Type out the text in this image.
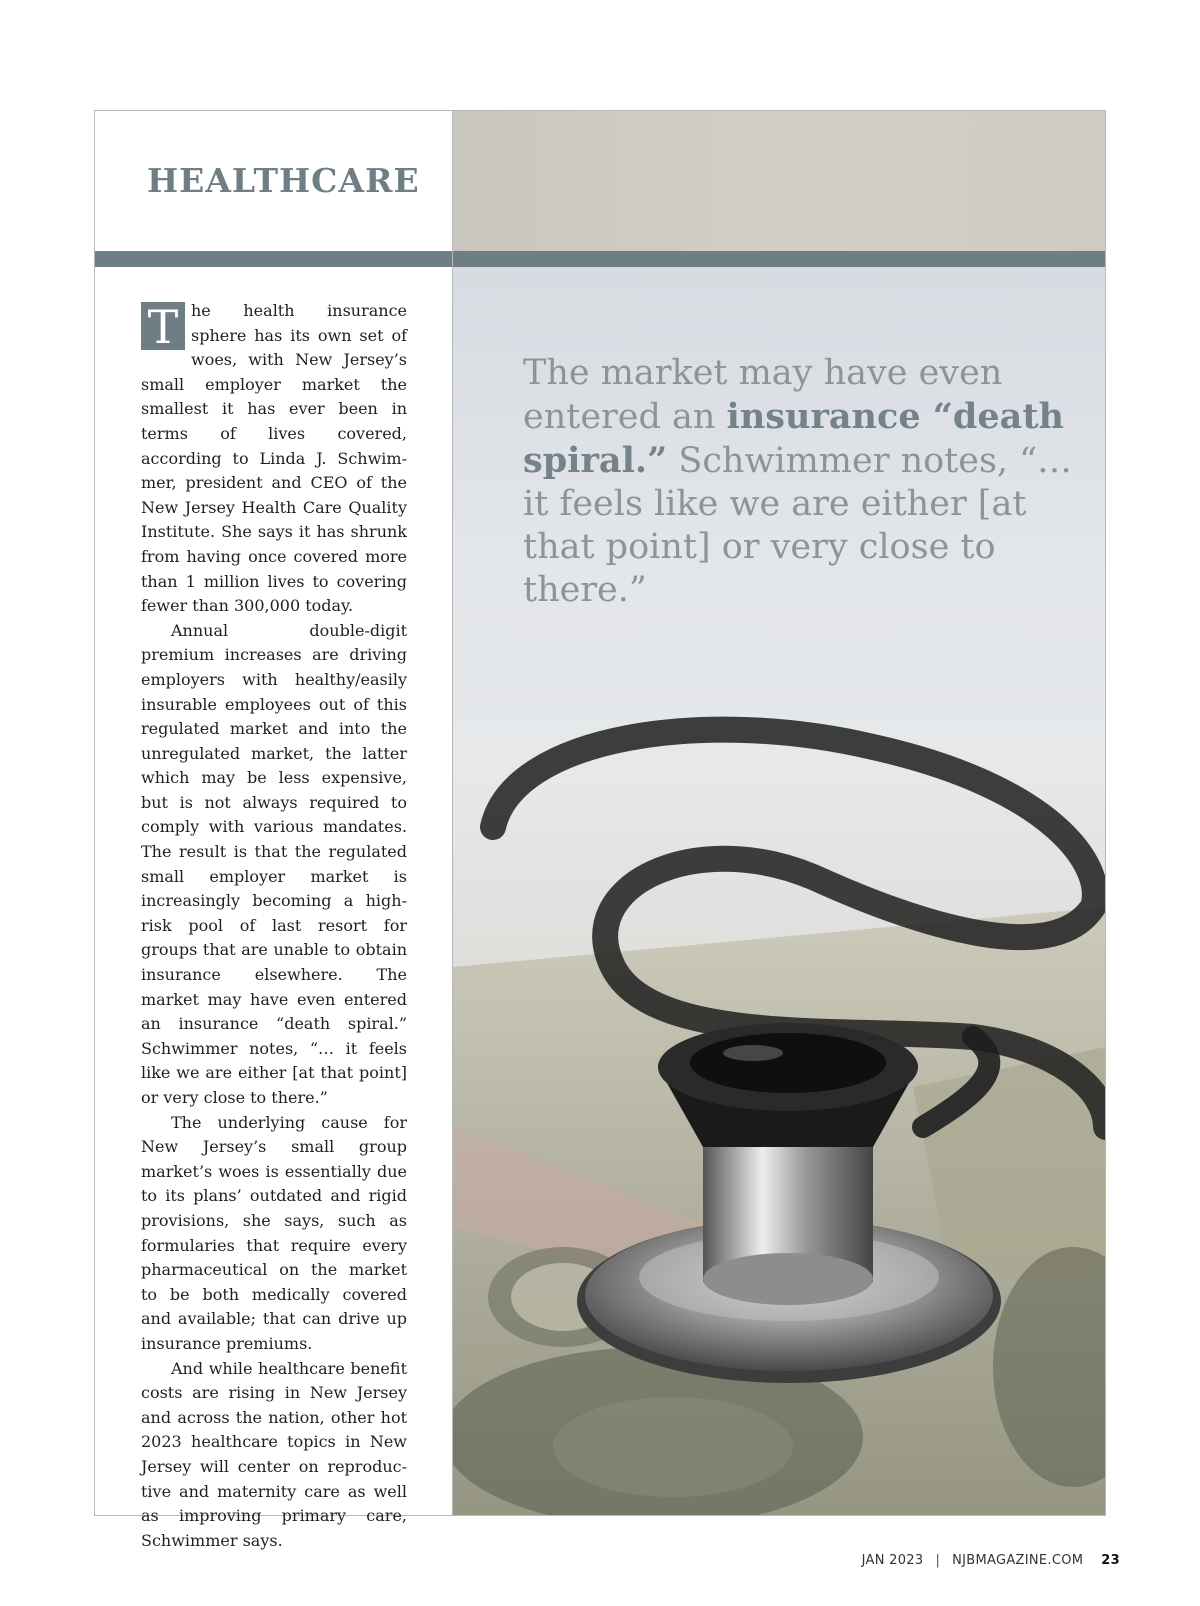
HEALTHCARE
The market may have even entered an insurance “death spiral.” Schwimmer notes, “… it feels like we are either [at that point] or very close to there.”

T he health insurance sphere has its own set of woes, with New Jersey’s small employer market the smallest it has ever been in terms of lives covered, according to Linda J. Schwimmer, president and CEO of the New Jersey Health Care Quality Institute. She says it has shrunk from having once covered more than 1 million lives to covering fewer than 300,000 today.

Annual double-digit premium increases are driving employers with healthy/easily insurable employees out of this regulated market and into the unregulated market, the latter which may be less expensive, but is not always required to comply with various mandates. The result is that the regulated small employer market is increasingly becoming a high-risk pool of last resort for groups that are unable to obtain insurance elsewhere. The market may have even entered an insurance “death spiral.” Schwimmer notes, “… it feels like we are either [at that point] or very close to there.”

The underlying cause for New Jersey’s small group market’s woes is essentially due to its plans’ outdated and rigid provisions, she says, such as formularies that require every pharmaceutical on the market to be both medically covered and available; that can drive up insurance premiums.

And while healthcare benefit costs are rising in New Jersey and across the nation, other hot 2023 healthcare topics in New Jersey will center on reproductive and maternity care as well as improving primary care, Schwimmer says.

JAN 2023 | NJBMAGAZINE.COM 23
